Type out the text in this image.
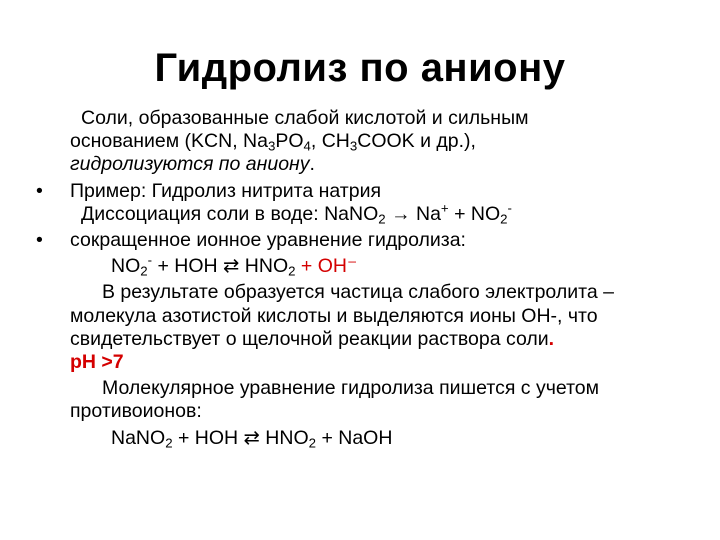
Гидролиз по аниону
Соли, образованные слабой кислотой и сильным
основанием (KCN, $Na_3PO_4$, $CH_3COOK$ и др.),
гидролизуются по аниону.
• Пример: Гидролиз нитрита натрия
Диссоциация соли в воде: NaNO$_2$ → $Na^+ + NO_2^-$
• сокращенное ионное уравнение гидролиза:
$NO_2^-$ + HOH ⇄ $HNO_2 + OH^-$
В результате образуется частица слабого электролита –
молекула азотистой кислоты и выделяются ионы OH-, что
свидетельствует о щелочной реакции раствора соли.
pH >7
Молекулярное уравнение гидролиза пишется с учетом
противоионов:
NaNO$_2$ + HOH ⇄ $HNO_2$ + NaOH
